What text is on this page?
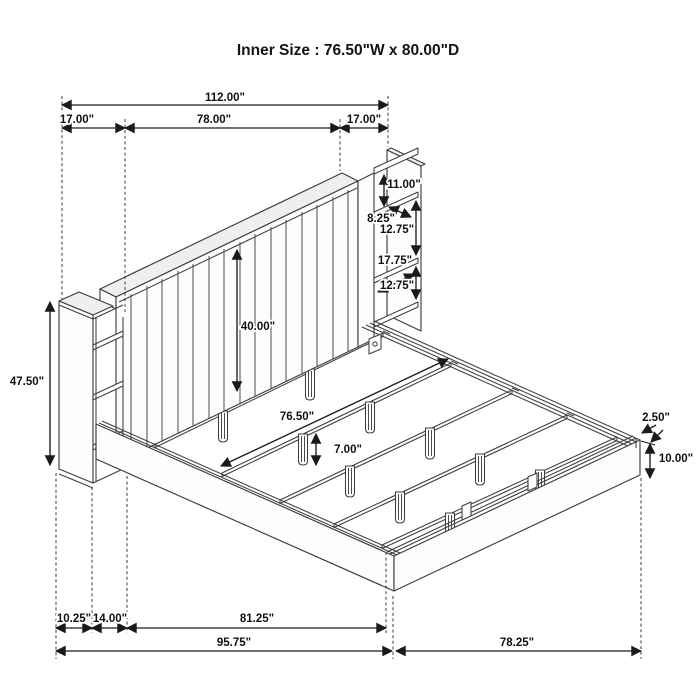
Inner Size : 76.50"W x 80.00"D
112.00"
17.00"	78.00"	17.00"
11.00"
8.25"
12.75"
17.75"
12.75"
47.50"
40.00"
76.50"
7.00"
2.50"
10.00"
10.25" 14.00"	81.25"
95.75"	78.25"
